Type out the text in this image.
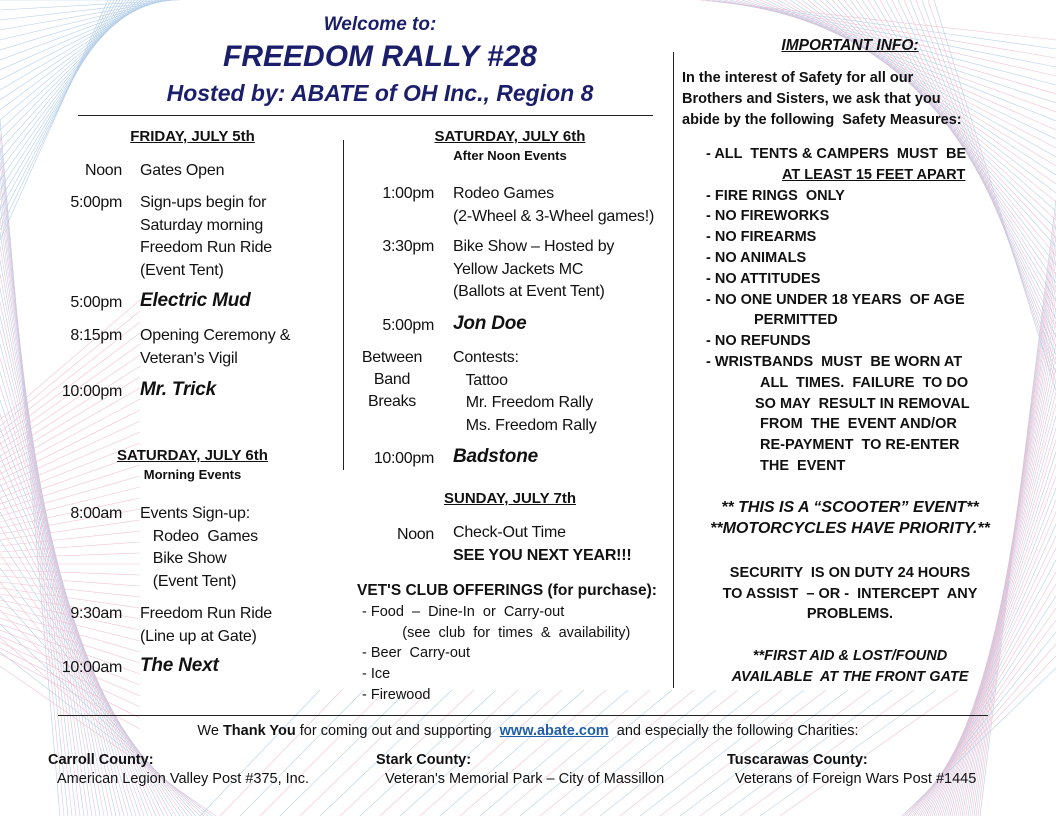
Welcome to:
FREEDOM RALLY #28
Hosted by: ABATE of OH Inc., Region 8
FRIDAY, JULY 5th
Noon Gates Open
5:00pm Sign-ups begin for
Saturday morning
Freedom Run Ride
(Event Tent)
5:00pm Electric Mud
8:15pm Opening Ceremony &
Veteran's Vigil
10:00pm Mr. Trick
SATURDAY, JULY 6th
Morning Events
8:00am Events Sign-up:
Rodeo  Games
Bike Show
(Event Tent)
9:30am Freedom Run Ride
(Line up at Gate)
10:00am The Next
SATURDAY, JULY 6th
After Noon Events
1:00pm Rodeo Games
(2-Wheel & 3-Wheel games!)
3:30pm Bike Show – Hosted by
Yellow Jackets MC
(Ballots at Event Tent)
5:00pm Jon Doe
Between
Band
Breaks
Contests:
Tattoo
Mr. Freedom Rally
Ms. Freedom Rally
10:00pm Badstone
SUNDAY, JULY 7th
Noon Check-Out Time
SEE YOU NEXT YEAR!!!
VET'S CLUB OFFERINGS (for purchase):
- Food  –  Dine-In  or  Carry-out
(see  club  for  times  &  availability)
- Beer  Carry-out
- Ice
- Firewood
IMPORTANT INFO:
In the interest of Safety for all our
Brothers and Sisters, we ask that you
abide by the following  Safety Measures:
- ALL  TENTS & CAMPERS  MUST  BE
AT LEAST 15 FEET APART
- FIRE RINGS  ONLY
- NO FIREWORKS
- NO FIREARMS
- NO ANIMALS
- NO ATTITUDES
- NO ONE UNDER 18 YEARS  OF AGE
PERMITTED
- NO REFUNDS
- WRISTBANDS  MUST  BE WORN AT
ALL  TIMES.  FAILURE  TO DO
SO MAY  RESULT IN REMOVAL
FROM  THE  EVENT AND/OR
RE-PAYMENT  TO RE-ENTER
THE  EVENT
** THIS IS A “SCOOTER” EVENT**
**MOTORCYCLES HAVE PRIORITY.**
SECURITY  IS ON DUTY 24 HOURS
TO ASSIST  – OR -  INTERCEPT  ANY
PROBLEMS.
**FIRST AID & LOST/FOUND
AVAILABLE  AT THE FRONT GATE
We Thank You for coming out and supporting www.abate.com and especially the following Charities:
Carroll County:
American Legion Valley Post #375, Inc.
Stark County:
Veteran's Memorial Park – City of Massillon
Tuscarawas County:
Veterans of Foreign Wars Post #1445
